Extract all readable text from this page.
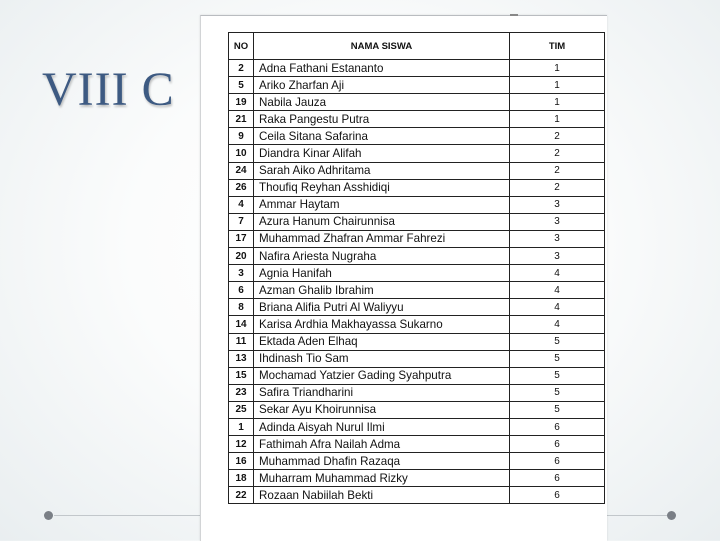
VIII C
NO	NAMA SISWA	TIM
2	Adna Fathani Estananto	1
5	Ariko Zharfan Aji	1
19	Nabila Jauza	1
21	Raka Pangestu Putra	1
9	Ceila Sitana Safarina	2
10	Diandra Kinar Alifah	2
24	Sarah Aiko Adhritama	2
26	Thoufiq Reyhan Asshidiqi	2
4	Ammar Haytam	3
7	Azura Hanum Chairunnisa	3
17	Muhammad Zhafran Ammar Fahrezi	3
20	Nafira Ariesta Nugraha	3
3	Agnia Hanifah	4
6	Azman Ghalib Ibrahim	4
8	Briana Alifia Putri Al Waliyyu	4
14	Karisa Ardhia Makhayassa Sukarno	4
11	Ektada Aden Elhaq	5
13	Ihdinash Tio Sam	5
15	Mochamad Yatzier Gading Syahputra	5
23	Safira Triandharini	5
25	Sekar Ayu Khoirunnisa	5
1	Adinda Aisyah Nurul Ilmi	6
12	Fathimah Afra Nailah Adma	6
16	Muhammad Dhafin Razaqa	6
18	Muharram Muhammad Rizky	6
22	Rozaan Nabiilah Bekti	6
